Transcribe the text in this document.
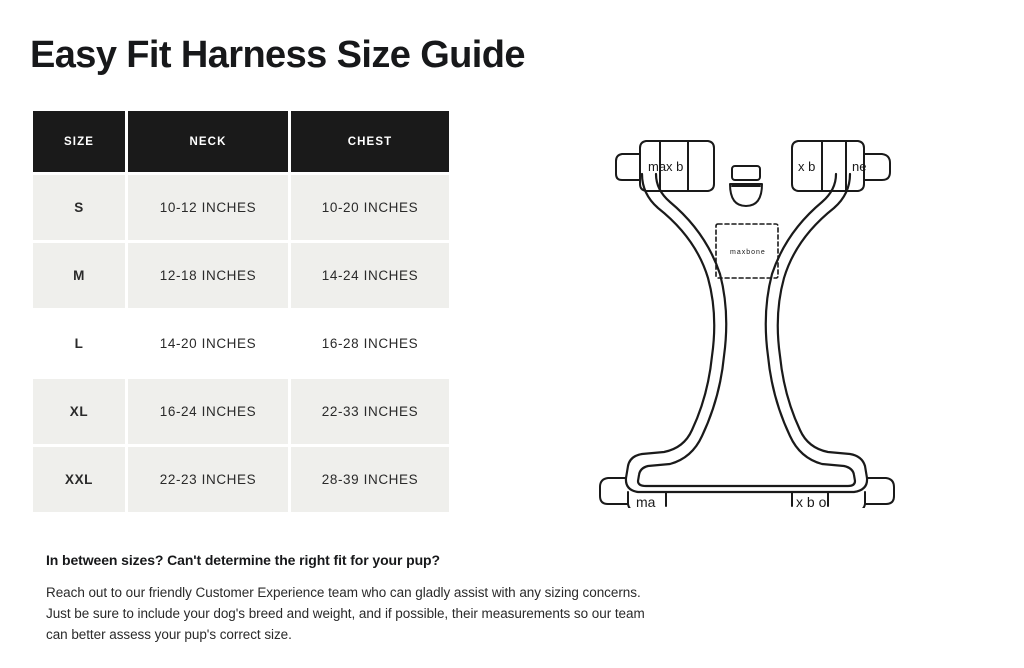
Easy Fit Harness Size Guide
SIZE	NECK	CHEST
S	10-12 INCHES	10-20 INCHES
M	12-18 INCHES	14-24 INCHES
L	14-20 INCHES	16-28 INCHES
XL	16-24 INCHES	22-33 INCHES
XXL	22-23 INCHES	28-39 INCHES

In between sizes? Can't determine the right fit for your pup?

Reach out to our friendly Customer Experience team who can gladly assist with any sizing concerns. Just be sure to include your dog's breed and weight, and if possible, their measurements so our team can better assess your pup's correct size.

ma x b	x b	ne
ma	x b o
maxbone
